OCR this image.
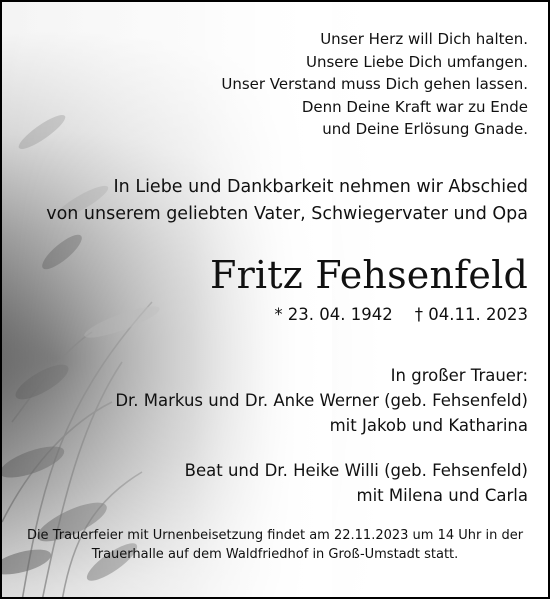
Unser Herz will Dich halten.
Unsere Liebe Dich umfangen.
Unser Verstand muss Dich gehen lassen.
Denn Deine Kraft war zu Ende
und Deine Erlösung Gnade.
In Liebe und Dankbarkeit nehmen wir Abschied
von unserem geliebten Vater, Schwiegervater und Opa
Fritz Fehsenfeld
* 23. 04. 1942 † 04.11. 2023
In großer Trauer:
Dr. Markus und Dr. Anke Werner (geb. Fehsenfeld)
mit Jakob und Katharina
Beat und Dr. Heike Willi (geb. Fehsenfeld)
mit Milena und Carla
Die Trauerfeier mit Urnenbeisetzung findet am 22.11.2023 um 14 Uhr in der
Trauerhalle auf dem Waldfriedhof in Groß-Umstadt statt.
